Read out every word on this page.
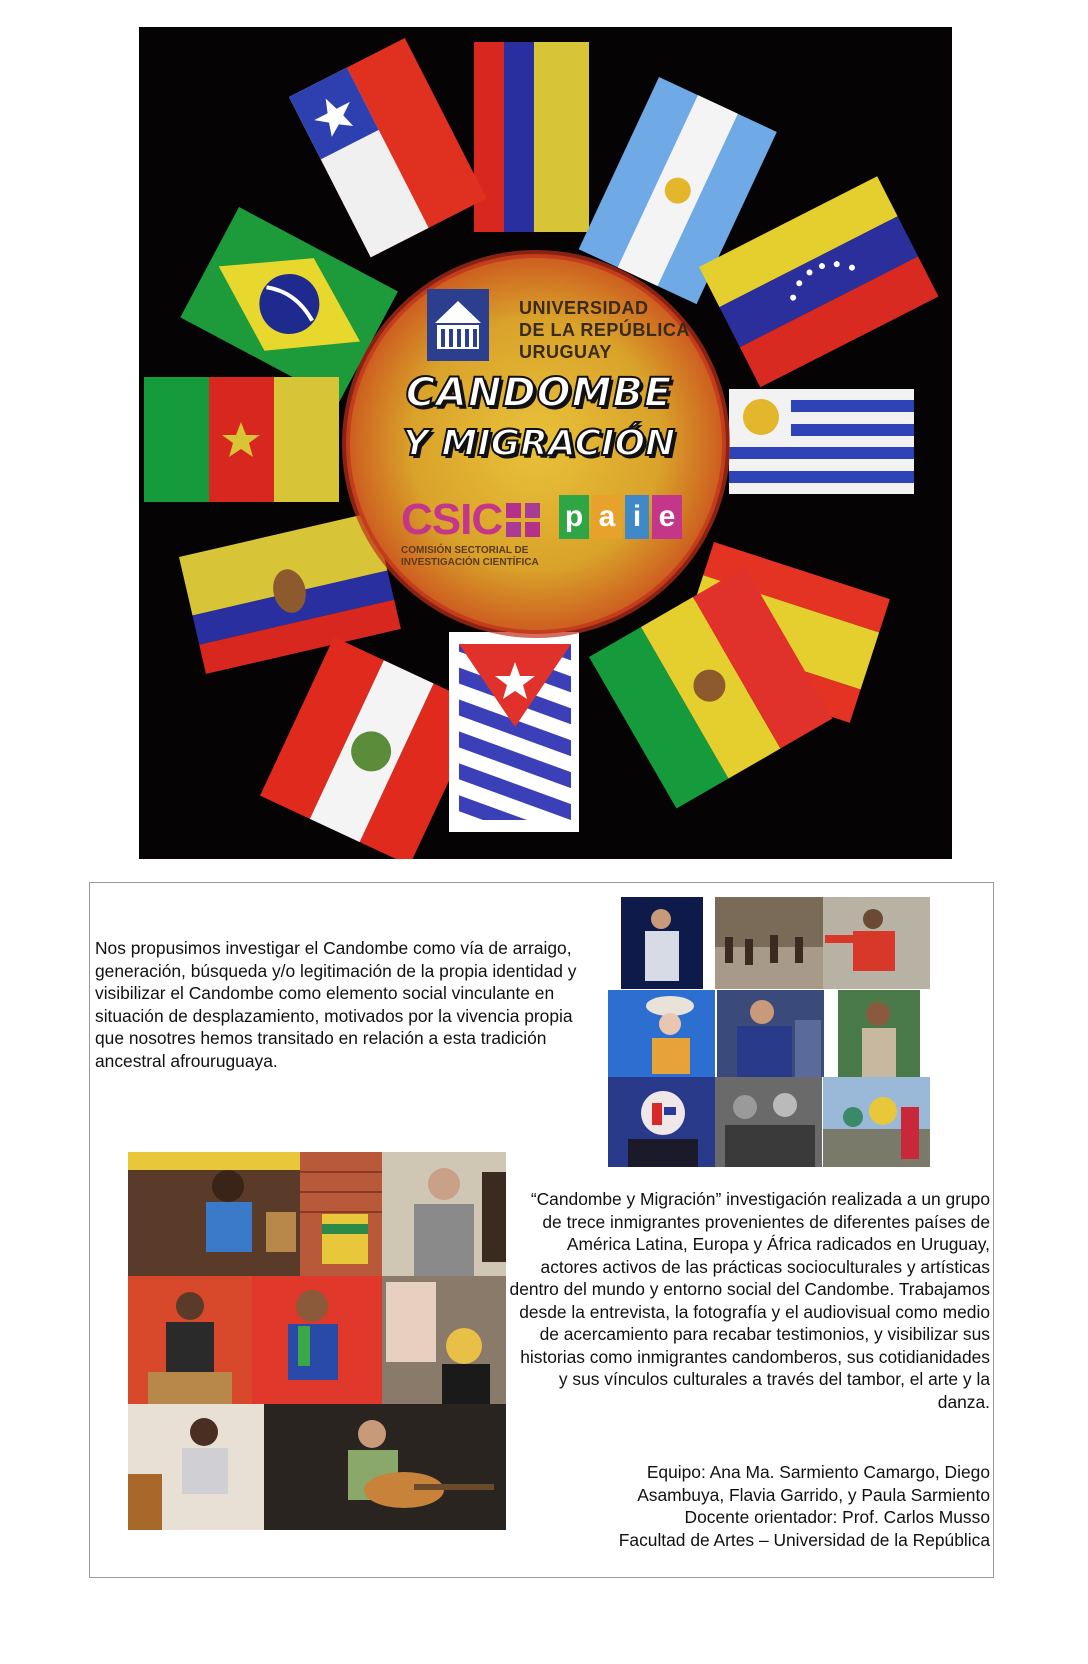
UNIVERSIDAD
DE LA REPÚBLICA
URUGUAY
CANDOMBE
Y MIGRACIÓN
CSIC p a i e
COMISIÓN SECTORIAL DE
INVESTIGACIÓN CIENTÍFICA

Nos propusimos investigar el Candombe como vía de arraigo, generación, búsqueda y/o legitimación de la propia identidad y visibilizar el Candombe como elemento social vinculante en situación de desplazamiento, motivados por la vivencia propia que nosotres hemos transitado en relación a esta tradición ancestral afrouruguaya.

“Candombe y Migración” investigación realizada a un grupo de trece inmigrantes provenientes de diferentes países de América Latina, Europa y África radicados en Uruguay, actores activos de las prácticas socioculturales y artísticas dentro del mundo y entorno social del Candombe. Trabajamos desde la entrevista, la fotografía y el audiovisual como medio de acercamiento para recabar testimonios, y visibilizar sus historias como inmigrantes candomberos, sus cotidianidades y sus vínculos culturales a través del tambor, el arte y la danza.

Equipo: Ana Ma. Sarmiento Camargo, Diego
Asambuya, Flavia Garrido, y Paula Sarmiento
Docente orientador: Prof. Carlos Musso
Facultad de Artes – Universidad de la República
